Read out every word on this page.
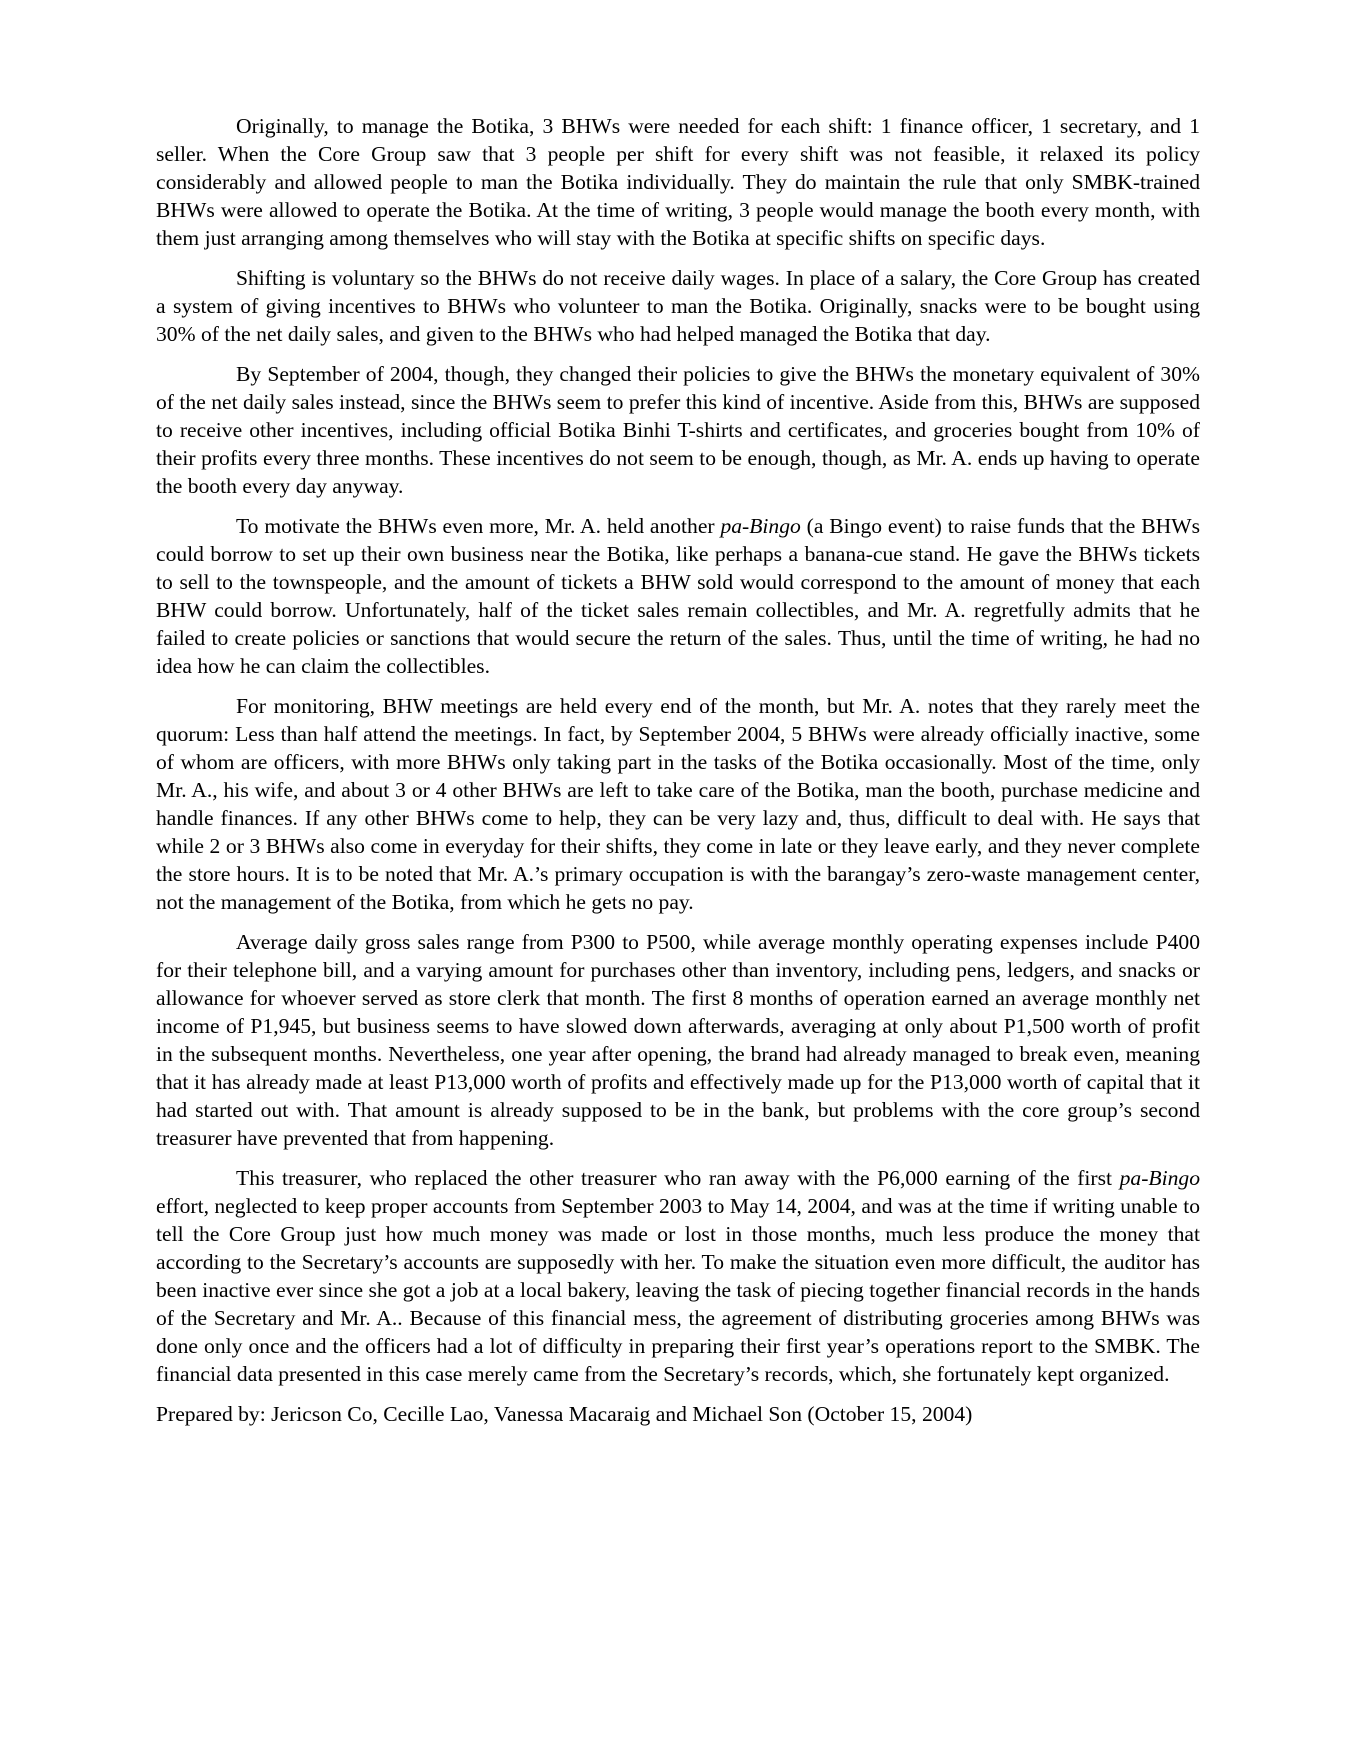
Originally, to manage the Botika, 3 BHWs were needed for each shift: 1 finance officer, 1 secretary, and 1 seller. When the Core Group saw that 3 people per shift for every shift was not feasible, it relaxed its policy considerably and allowed people to man the Botika individually. They do maintain the rule that only SMBK-trained BHWs were allowed to operate the Botika. At the time of writing, 3 people would manage the booth every month, with them just arranging among themselves who will stay with the Botika at specific shifts on specific days.

Shifting is voluntary so the BHWs do not receive daily wages. In place of a salary, the Core Group has created a system of giving incentives to BHWs who volunteer to man the Botika. Originally, snacks were to be bought using 30% of the net daily sales, and given to the BHWs who had helped managed the Botika that day.

By September of 2004, though, they changed their policies to give the BHWs the monetary equivalent of 30% of the net daily sales instead, since the BHWs seem to prefer this kind of incentive. Aside from this, BHWs are supposed to receive other incentives, including official Botika Binhi T-shirts and certificates, and groceries bought from 10% of their profits every three months. These incentives do not seem to be enough, though, as Mr. A. ends up having to operate the booth every day anyway.

To motivate the BHWs even more, Mr. A. held another pa-Bingo (a Bingo event) to raise funds that the BHWs could borrow to set up their own business near the Botika, like perhaps a banana-cue stand. He gave the BHWs tickets to sell to the townspeople, and the amount of tickets a BHW sold would correspond to the amount of money that each BHW could borrow. Unfortunately, half of the ticket sales remain collectibles, and Mr. A. regretfully admits that he failed to create policies or sanctions that would secure the return of the sales. Thus, until the time of writing, he had no idea how he can claim the collectibles.

For monitoring, BHW meetings are held every end of the month, but Mr. A. notes that they rarely meet the quorum: Less than half attend the meetings. In fact, by September 2004, 5 BHWs were already officially inactive, some of whom are officers, with more BHWs only taking part in the tasks of the Botika occasionally. Most of the time, only Mr. A., his wife, and about 3 or 4 other BHWs are left to take care of the Botika, man the booth, purchase medicine and handle finances. If any other BHWs come to help, they can be very lazy and, thus, difficult to deal with. He says that while 2 or 3 BHWs also come in everyday for their shifts, they come in late or they leave early, and they never complete the store hours. It is to be noted that Mr. A.’s primary occupation is with the barangay’s zero-waste management center, not the management of the Botika, from which he gets no pay.

Average daily gross sales range from P300 to P500, while average monthly operating expenses include P400 for their telephone bill, and a varying amount for purchases other than inventory, including pens, ledgers, and snacks or allowance for whoever served as store clerk that month. The first 8 months of operation earned an average monthly net income of P1,945, but business seems to have slowed down afterwards, averaging at only about P1,500 worth of profit in the subsequent months. Nevertheless, one year after opening, the brand had already managed to break even, meaning that it has already made at least P13,000 worth of profits and effectively made up for the P13,000 worth of capital that it had started out with. That amount is already supposed to be in the bank, but problems with the core group’s second treasurer have prevented that from happening.

This treasurer, who replaced the other treasurer who ran away with the P6,000 earning of the first pa-Bingo effort, neglected to keep proper accounts from September 2003 to May 14, 2004, and was at the time if writing unable to tell the Core Group just how much money was made or lost in those months, much less produce the money that according to the Secretary’s accounts are supposedly with her. To make the situation even more difficult, the auditor has been inactive ever since she got a job at a local bakery, leaving the task of piecing together financial records in the hands of the Secretary and Mr. A.. Because of this financial mess, the agreement of distributing groceries among BHWs was done only once and the officers had a lot of difficulty in preparing their first year’s operations report to the SMBK. The financial data presented in this case merely came from the Secretary’s records, which, she fortunately kept organized.

Prepared by: Jericson Co, Cecille Lao, Vanessa Macaraig and Michael Son (October 15, 2004)
